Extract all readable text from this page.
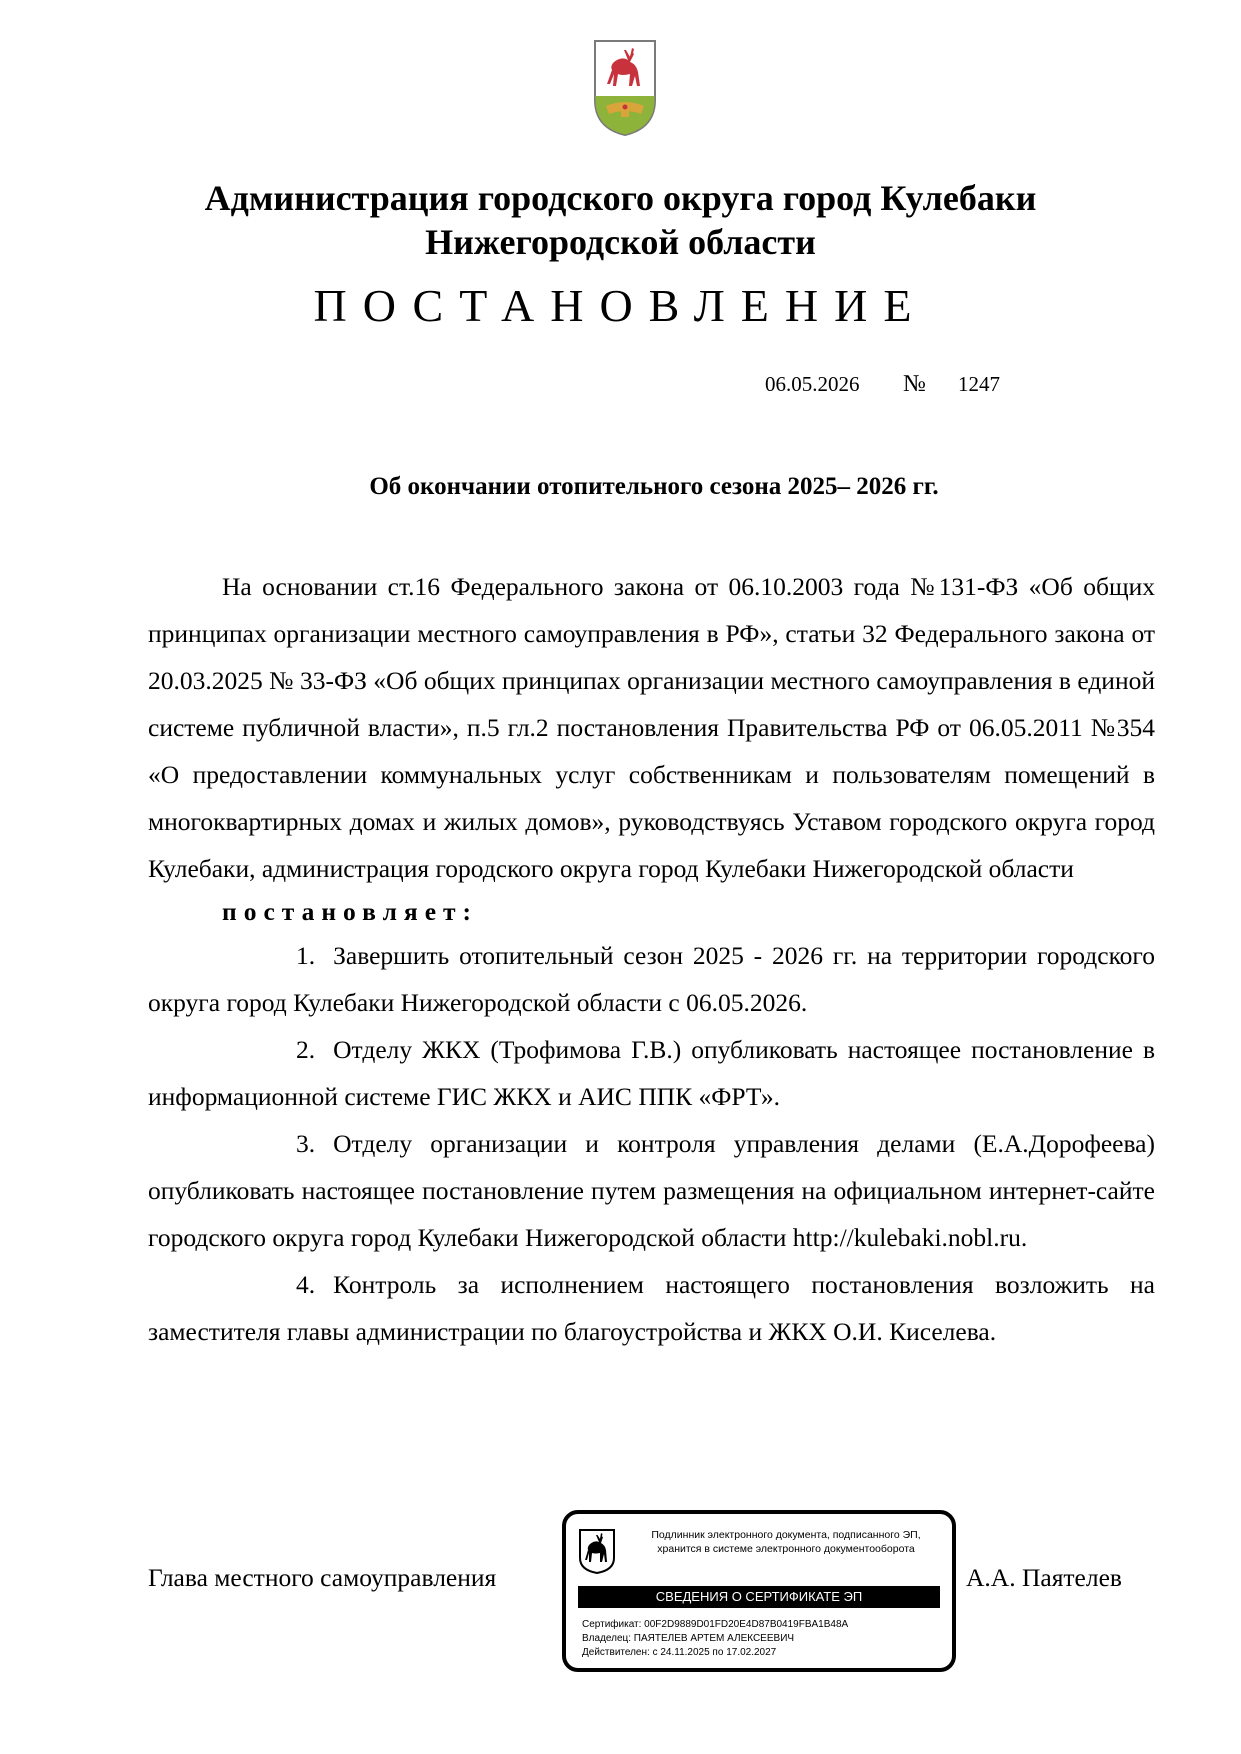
Администрация городского округа город Кулебаки
Нижегородской области
ПОСТАНОВЛЕНИЕ
06.05.2026 № 1247
Об окончании отопительного сезона 2025– 2026 гг.

На основании ст.16 Федерального закона от 06.10.2003 года №131-ФЗ «Об общих принципах организации местного самоуправления в РФ», статьи 32 Федерального закона от 20.03.2025 № 33-ФЗ «Об общих принципах организации местного самоуправления в единой системе публичной власти», п.5 гл.2 постановления Правительства РФ от 06.05.2011 №354 «О предоставлении коммунальных услуг собственникам и пользователям помещений в многоквартирных домах и жилых домов», руководствуясь Уставом городского округа город Кулебаки, администрация городского округа город Кулебаки Нижегородской области

постановляет:

1. Завершить отопительный сезон 2025 - 2026 гг. на территории городского округа город Кулебаки Нижегородской области с 06.05.2026.

2. Отделу ЖКХ (Трофимова Г.В.) опубликовать настоящее постановление в информационной системе ГИС ЖКХ и АИС ППК «ФРТ».

3. Отделу организации и контроля управления делами (Е.А.Дорофеева) опубликовать настоящее постановление путем размещения на официальном интернет-сайте городского округа город Кулебаки Нижегородской области http://kulebaki.nobl.ru.

4. Контроль за исполнением настоящего постановления возложить на заместителя главы администрации по благоустройства и ЖКХ О.И. Киселева.

Глава местного самоуправления	А.А. Паятелев
Подлинник электронного документа, подписанного ЭП,
хранится в системе электронного документооборота
СВЕДЕНИЯ О СЕРТИФИКАТЕ ЭП
Сертификат: 00F2D9889D01FD20E4D87B0419FBA1B48A
Владелец: ПАЯТЕЛЕВ АРТЕМ АЛЕКСЕЕВИЧ
Действителен: с 24.11.2025 по 17.02.2027
